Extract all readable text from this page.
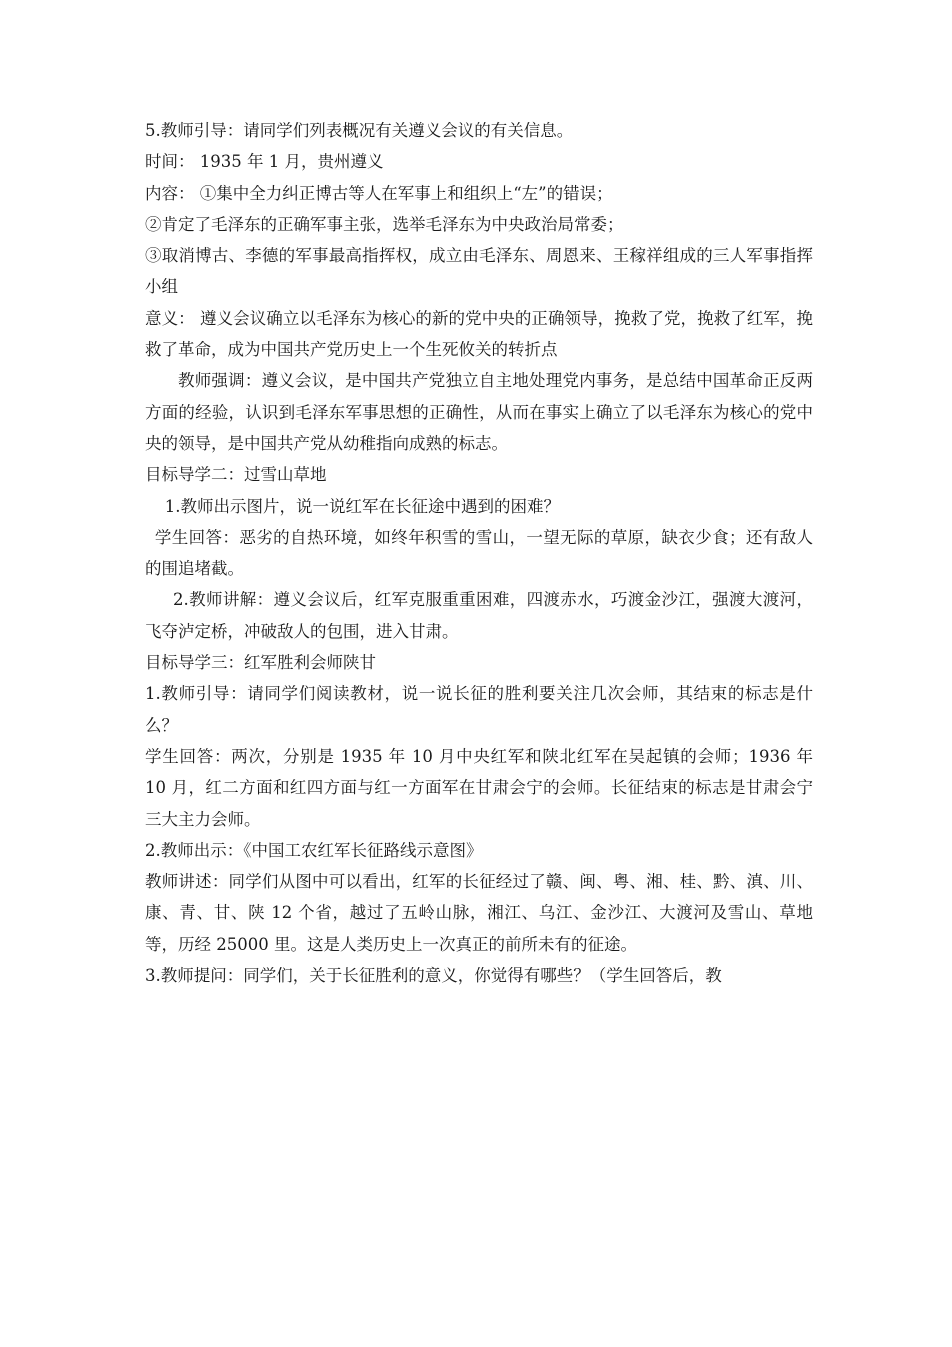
5.教师引导：请同学们列表概况有关遵义会议的有关信息。

时间： 1935 年 1 月，贵州遵义

内容： ①集中全力纠正博古等人在军事上和组织上“左”的错误；

②肯定了毛泽东的正确军事主张，选举毛泽东为中央政治局常委；

③取消博古、李德的军事最高指挥权，成立由毛泽东、周恩来、王稼祥组成的三人军事指挥小组

意义： 遵义会议确立以毛泽东为核心的新的党中央的正确领导，挽救了党，挽救了红军，挽救了革命，成为中国共产党历史上一个生死攸关的转折点

教师强调：遵义会议，是中国共产党独立自主地处理党内事务，是总结中国革命正反两方面的经验，认识到毛泽东军事思想的正确性，从而在事实上确立了以毛泽东为核心的党中央的领导，是中国共产党从幼稚指向成熟的标志。

目标导学二：过雪山草地

1.教师出示图片，说一说红军在长征途中遇到的困难？

学生回答：恶劣的自热环境，如终年积雪的雪山，一望无际的草原，缺衣少食；还有敌人的围追堵截。

2.教师讲解：遵义会议后，红军克服重重困难，四渡赤水，巧渡金沙江，强渡大渡河，飞夺泸定桥，冲破敌人的包围，进入甘肃。

目标导学三：红军胜利会师陕甘

1.教师引导：请同学们阅读教材，说一说长征的胜利要关注几次会师，其结束的标志是什么？

学生回答：两次，分别是 1935 年 10 月中央红军和陕北红军在吴起镇的会师；1936 年 10 月，红二方面和红四方面与红一方面军在甘肃会宁的会师。长征结束的标志是甘肃会宁三大主力会师。

2.教师出示：《中国工农红军长征路线示意图》

教师讲述：同学们从图中可以看出，红军的长征经过了赣、闽、粤、湘、桂、黔、滇、川、康、青、甘、陕 12 个省，越过了五岭山脉，湘江、乌江、金沙江、大渡河及雪山、草地等，历经 25000 里。这是人类历史上一次真正的前所未有的征途。

3.教师提问：同学们，关于长征胜利的意义，你觉得有哪些？（学生回答后，教
